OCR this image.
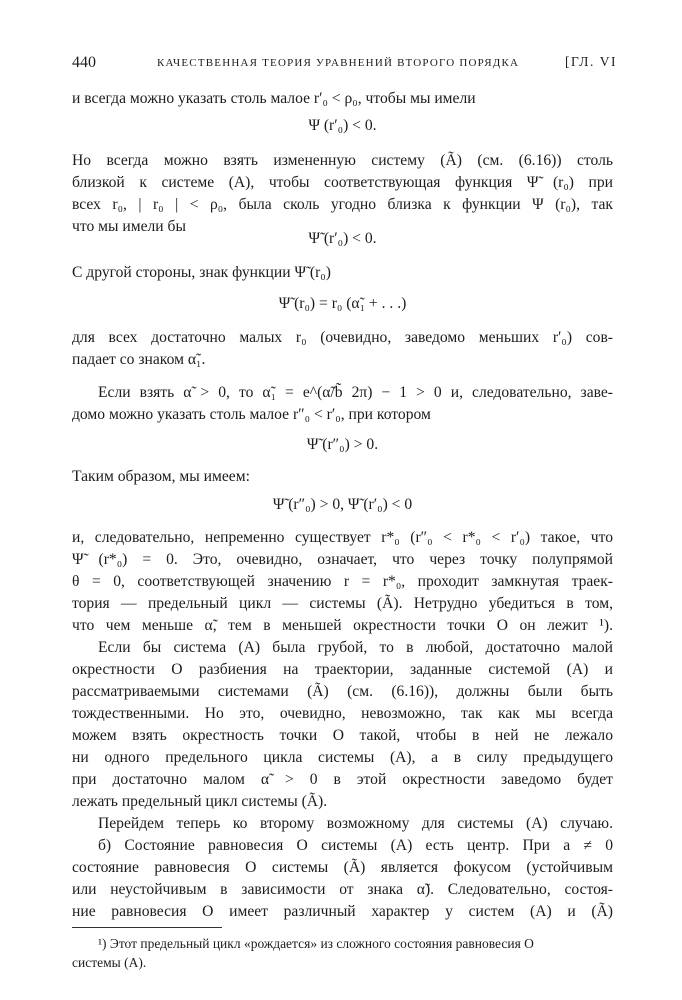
440	КАЧЕСТВЕННАЯ ТЕОРИЯ УРАВНЕНИЙ ВТОРОГО ПОРЯДКА	[ГЛ. VI
и всегда можно указать столь малое r′₀ < ρ₀, чтобы мы имели
Ψ (r′₀) < 0.
Но всегда можно взять измененную систему (Ã) (см. (6.16)) столь
близкой к системе (A), чтобы соответствующая функция Ψ̃ (r₀) при
всех r₀, | r₀ | < ρ₀, была сколь угодно близка к функции Ψ (r₀), так
что мы имели бы
Ψ̃ (r′₀) < 0.
С другой стороны, знак функции Ψ̃ (r₀)
Ψ̃ (r₀) = r₀ (α̃₁ + . . .)
для всех достаточно малых r₀ (очевидно, заведомо меньших r′₀) сов-
падает со знаком α̃₁.
Если взять α̃ > 0, то α̃₁ = e^(α̃/b̃ 2π) − 1 > 0 и, следовательно, заве-
домо можно указать столь малое r″₀ < r′₀, при котором
Ψ̃ (r″₀) > 0.
Таким образом, мы имеем:
Ψ̃ (r″₀) > 0, Ψ̃ (r′₀) < 0
и, следовательно, непременно существует r*₀ (r″₀ < r*₀ < r′₀) такое, что
Ψ̃ (r*₀) = 0. Это, очевидно, означает, что через точку полупрямой
θ = 0, соответствующей значению r = r*₀, проходит замкнутая траек-
тория — предельный цикл — системы (Ã). Нетрудно убедиться в том,
что чем меньше α̃, тем в меньшей окрестности точки O он лежит ¹).
Если бы система (A) была грубой, то в любой, достаточно малой
окрестности O разбиения на траектории, заданные системой (A) и
рассматриваемыми системами (Ã) (см. (6.16)), должны были быть
тождественными. Но это, очевидно, невозможно, так как мы всегда
можем взять окрестность точки O такой, чтобы в ней не лежало
ни одного предельного цикла системы (A), а в силу предыдущего
при достаточно малом α̃ > 0 в этой окрестности заведомо будет
лежать предельный цикл системы (Ã).
Перейдем теперь ко второму возможному для системы (A) случаю.
б) Состояние равновесия O системы (A) есть центр. При a ≠ 0
состояние равновесия O системы (Ã) является фокусом (устойчивым
или неустойчивым в зависимости от знака α̃). Следовательно, состоя-
ние равновесия O имеет различный характер у систем (A) и (Ã)
¹) Этот предельный цикл «рождается» из сложного состояния равновесия O
системы (A).
